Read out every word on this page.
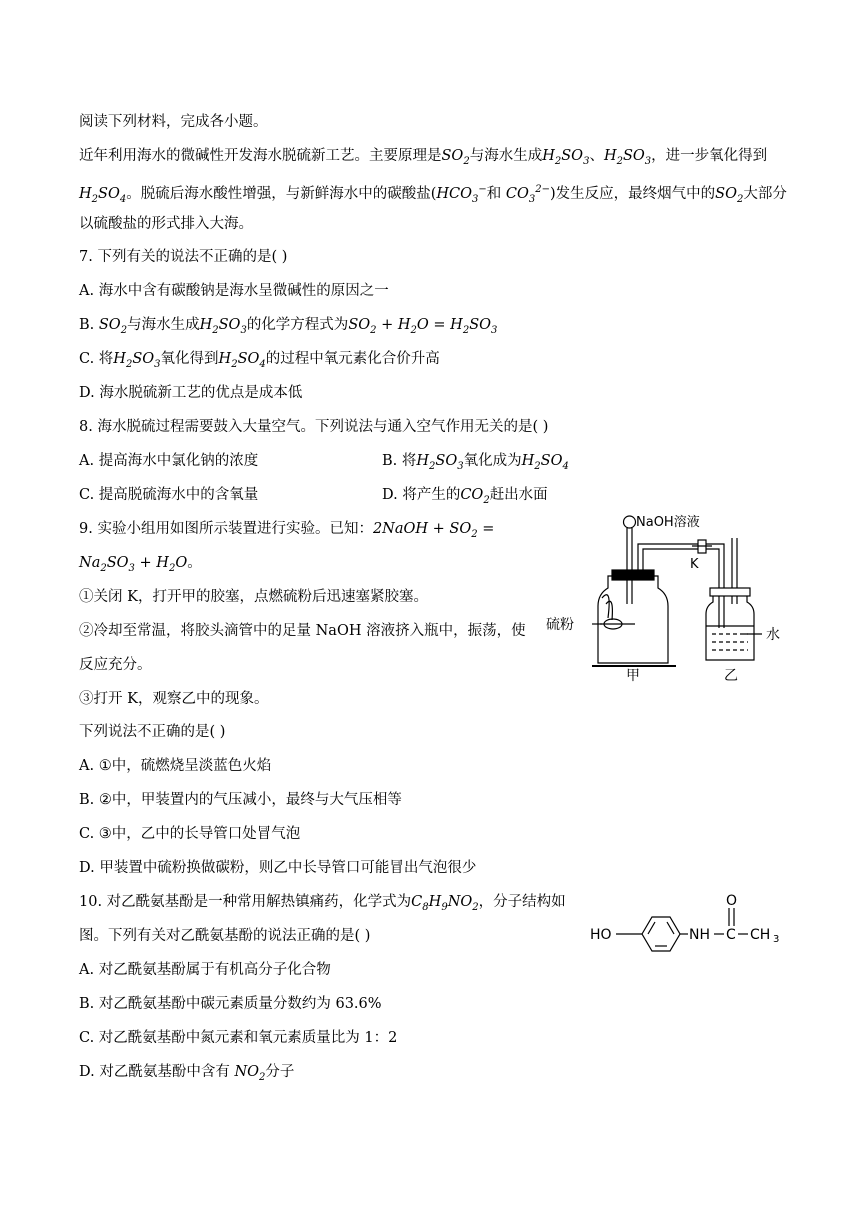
阅读下列材料，完成各小题。
近年利用海水的微碱性开发海水脱硫新工艺。主要原理是$SO_2$与海水生成$H_2SO_3$、$H_2SO_3$，进一步氧化得到
$H_2SO_4$。脱硫后海水酸性增强，与新鲜海水中的碳酸盐($HCO_3^-$和 $CO_3^{2-}$)发生反应，最终烟气中的$SO_2$大部分
以硫酸盐的形式排入大海。
7. 下列有关的说法不正确的是( )
A. 海水中含有碳酸钠是海水呈微碱性的原因之一
B. $SO_2$与海水生成$H_2SO_3$的化学方程式为$SO_2 + H_2O = H_2SO_3$
C. 将$H_2SO_3$氧化得到$H_2SO_4$的过程中氧元素化合价升高
D. 海水脱硫新工艺的优点是成本低
8. 海水脱硫过程需要鼓入大量空气。下列说法与通入空气作用无关的是( )
A. 提高海水中氯化钠的浓度	B. 将$H_2SO_3$氧化成为$H_2SO_4$
C. 提高脱硫海水中的含氧量	D. 将产生的$CO_2$赶出水面
9. 实验小组用如图所示装置进行实验。已知：2NaOH + $SO_2$ =
$Na_2SO_3 + H_2O$。
①关闭 K，打开甲的胶塞，点燃硫粉后迅速塞紧胶塞。
②冷却至常温，将胶头滴管中的足量 NaOH 溶液挤入瓶中，振荡，使
反应充分。
③打开 K，观察乙中的现象。
下列说法不正确的是( )
A. ①中，硫燃烧呈淡蓝色火焰
B. ②中，甲装置内的气压减小，最终与大气压相等
C. ③中，乙中的长导管口处冒气泡
D. 甲装置中硫粉换做碳粉，则乙中长导管口可能冒出气泡很少
NaOH溶液
K
硫粉
水
甲	乙
10. 对乙酰氨基酚是一种常用解热镇痛药，化学式为$C_8H_9NO_2$，分子结构如
图。下列有关对乙酰氨基酚的说法正确的是( )
A. 对乙酰氨基酚属于有机高分子化合物
B. 对乙酰氨基酚中碳元素质量分数约为 63.6%
C. 对乙酰氨基酚中氮元素和氧元素质量比为 1：2
D. 对乙酰氨基酚中含有 $NO_2$分子
HO	NH C CH 3
O
